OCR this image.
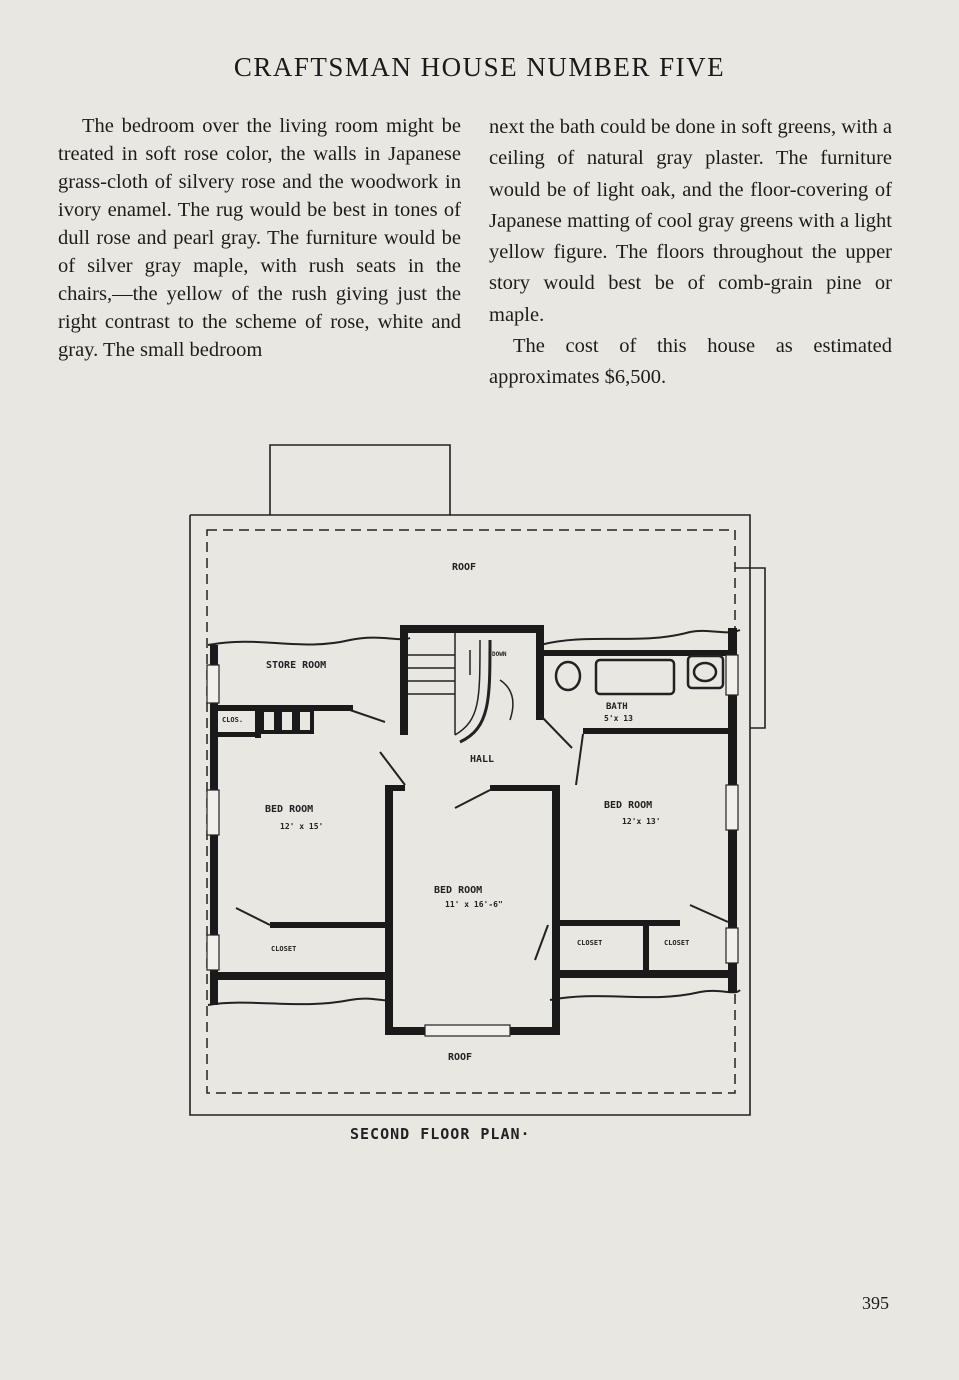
CRAFTSMAN HOUSE NUMBER FIVE

The bedroom over the living room might be treated in soft rose color, the walls in Japanese grass-cloth of silvery rose and the woodwork in ivory enamel. The rug would be best in tones of dull rose and pearl gray. The furniture would be of silver gray maple, with rush seats in the chairs,—the yellow of the rush giving just the right contrast to the scheme of rose, white and gray. The small bedroom

next the bath could be done in soft greens, with a ceiling of natural gray plaster. The furniture would be of light oak, and the floor-covering of Japanese matting of cool gray greens with a light yellow figure. The floors throughout the upper story would best be of comb-grain pine or maple.

The cost of this house as estimated approximates $6,500.

ROOF
ROOF
STORE ROOM
DOWN
BATH
5'x 13
CLOS.
HALL
BED ROOM
12' x 15'
BED ROOM
12'x 13'
BED ROOM
11' x 16'-6"
CLOSET
CLOSET	CLOSET
SECOND FLOOR PLAN·
395
